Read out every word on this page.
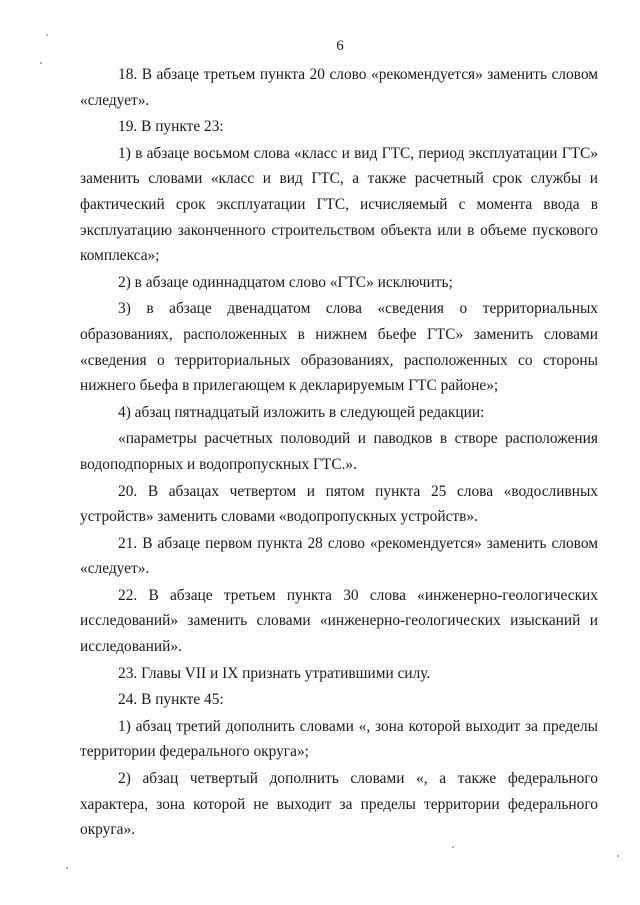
6

18. В абзаце третьем пункта 20 слово «рекомендуется» заменить словом «следует».

19. В пункте 23:

1) в абзаце восьмом слова «класс и вид ГТС, период эксплуатации ГТС» заменить словами «класс и вид ГТС, а также расчетный срок службы и фактический срок эксплуатации ГТС, исчисляемый с момента ввода в эксплуатацию законченного строительством объекта или в объеме пускового комплекса»;

2) в абзаце одиннадцатом слово «ГТС» исключить;

3) в абзаце двенадцатом слова «сведения о территориальных образованиях, расположенных в нижнем бьефе ГТС» заменить словами «сведения о территориальных образованиях, расположенных со стороны нижнего бьефа в прилегающем к декларируемым ГТС районе»;

4) абзац пятнадцатый изложить в следующей редакции:

«параметры расчетных половодий и паводков в створе расположения водоподпорных и водопропускных ГТС.».

20. В абзацах четвертом и пятом пункта 25 слова «водосливных устройств» заменить словами «водопропускных устройств».

21. В абзаце первом пункта 28 слово «рекомендуется» заменить словом «следует».

22. В абзаце третьем пункта 30 слова «инженерно-геологических исследований» заменить словами «инженерно-геологических изысканий и исследований».

23. Главы VII и IX признать утратившими силу.

24. В пункте 45:

1) абзац третий дополнить словами «, зона которой выходит за пределы территории федерального округа»;

2) абзац четвертый дополнить словами «, а также федерального характера, зона которой не выходит за пределы территории федерального округа».
